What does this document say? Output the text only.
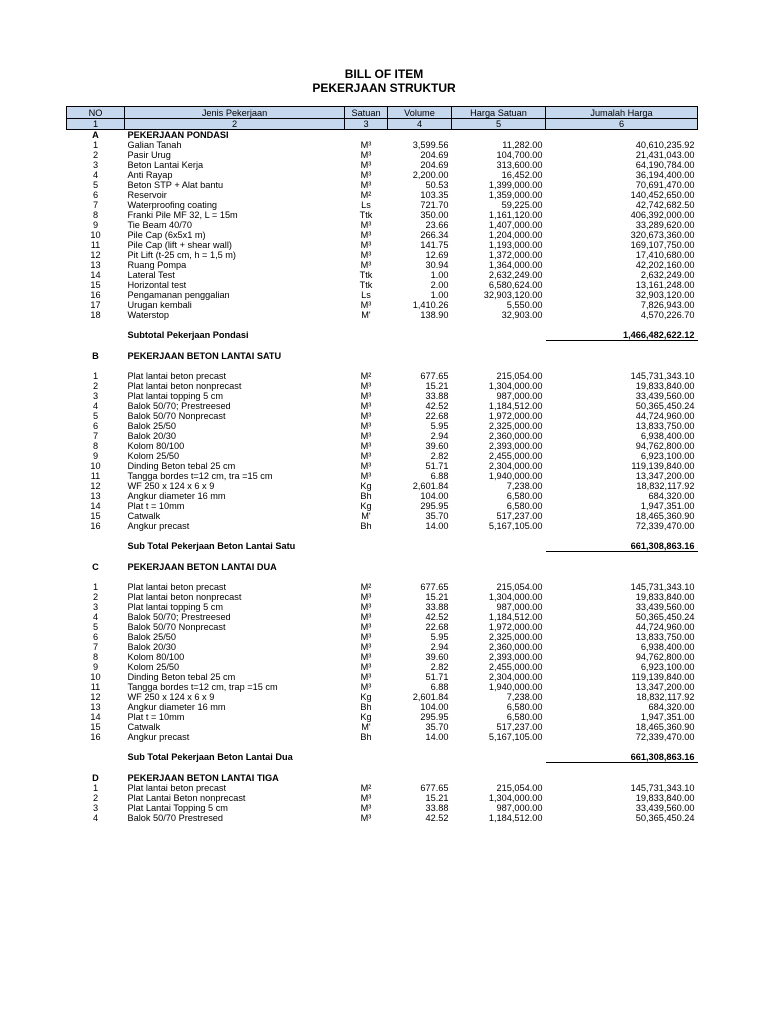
BILL OF ITEM
PEKERJAAN STRUKTUR
NO	Jenis Pekerjaan	Satuan	Volume	Harga Satuan	Jumalah Harga
1	2	3	4	5	6
A	PEKERJAAN PONDASI				
1	Galian Tanah	M³	3,599.56	11,282.00	40,610,235.92
2	Pasir Urug	M³	204.69	104,700.00	21,431,043.00
3	Beton Lantai Kerja	M³	204.69	313,600.00	64,190,784.00
4	Anti Rayap	M³	2,200.00	16,452.00	36,194,400.00
5	Beton STP + Alat bantu	M³	50.53	1,399,000.00	70,691,470.00
6	Reservoir	M²	103.35	1,359,000.00	140,452,650.00
7	Waterproofing coating	Ls	721.70	59,225.00	42,742,682.50
8	Franki Pile MF 32, L = 15m	Ttk	350.00	1,161,120.00	406,392,000.00
9	Tie Beam 40/70	M³	23.66	1,407,000.00	33,289,620.00
10	Pile Cap (6x5x1 m)	M³	266.34	1,204,000.00	320,673,360.00
11	Pile Cap (lift + shear wall)	M³	141.75	1,193,000.00	169,107,750.00
12	Pit Lift (t-25 cm, h = 1,5 m)	M³	12.69	1,372,000.00	17,410,680.00
13	Ruang Pompa	M³	30.94	1,364,000.00	42,202,160.00
14	Lateral Test	Ttk	1.00	2,632,249.00	2,632,249.00
15	Horizontal test	Ttk	2.00	6,580,624.00	13,161,248.00
16	Pengamanan penggalian	Ls	1.00	32,903,120.00	32,903,120.00
17	Urugan kembali	M³	1,410.26	5,550.00	7,826,943.00
18	Waterstop	M'	138.90	32,903.00	4,570,226.70

	Subtotal Pekerjaan Pondasi				1,466,482,622.12

B	PEKERJAAN BETON LANTAI SATU				

1	Plat lantai beton precast	M²	677.65	215,054.00	145,731,343.10
2	Plat lantai beton nonprecast	M³	15.21	1,304,000.00	19,833,840.00
3	Plat lantai topping 5 cm	M³	33.88	987,000.00	33,439,560.00
4	Balok 50/70; Prestreesed	M³	42.52	1,184,512.00	50,365,450.24
5	Balok 50/70 Nonprecast	M³	22.68	1,972,000.00	44,724,960.00
6	Balok 25/50	M³	5.95	2,325,000.00	13,833,750.00
7	Balok 20/30	M³	2.94	2,360,000.00	6,938,400.00
8	Kolom 80/100	M³	39.60	2,393,000.00	94,762,800.00
9	Kolom 25/50	M³	2.82	2,455,000.00	6,923,100.00
10	Dinding Beton tebal 25 cm	M³	51.71	2,304,000.00	119,139,840.00
11	Tangga bordes t=12 cm, tra =15 cm	M³	6.88	1,940,000.00	13,347,200.00
12	WF 250 x 124 x 6 x 9	Kg	2,601.84	7,238.00	18,832,117.92
13	Angkur diameter 16 mm	Bh	104.00	6,580.00	684,320.00
14	Plat t = 10mm	Kg	295.95	6,580.00	1,947,351.00
15	Catwalk	M'	35.70	517,237.00	18,465,360.90
16	Angkur precast	Bh	14.00	5,167,105.00	72,339,470.00

	Sub Total Pekerjaan Beton Lantai Satu				661,308,863.16

C	PEKERJAAN BETON LANTAI DUA				

1	Plat lantai beton precast	M²	677.65	215,054.00	145,731,343.10
2	Plat lantai beton nonprecast	M³	15.21	1,304,000.00	19,833,840.00
3	Plat lantai topping 5 cm	M³	33.88	987,000.00	33,439,560.00
4	Balok 50/70; Prestreesed	M³	42.52	1,184,512.00	50,365,450.24
5	Balok 50/70 Nonprecast	M³	22.68	1,972,000.00	44,724,960.00
6	Balok 25/50	M³	5.95	2,325,000.00	13,833,750.00
7	Balok 20/30	M³	2.94	2,360,000.00	6,938,400.00
8	Kolom 80/100	M³	39.60	2,393,000.00	94,762,800.00
9	Kolom 25/50	M³	2.82	2,455,000.00	6,923,100.00
10	Dinding Beton tebal 25 cm	M³	51.71	2,304,000.00	119,139,840.00
11	Tangga bordes t=12 cm, trap =15 cm	M³	6.88	1,940,000.00	13,347,200.00
12	WF 250 x 124 x 6 x 9	Kg	2,601.84	7,238.00	18,832,117.92
13	Angkur diameter 16 mm	Bh	104.00	6,580.00	684,320.00
14	Plat t = 10mm	Kg	295.95	6,580.00	1,947,351.00
15	Catwalk	M'	35.70	517,237.00	18,465,360.90
16	Angkur precast	Bh	14.00	5,167,105.00	72,339,470.00

	Sub Total Pekerjaan Beton Lantai Dua				661,308,863.16

D	PEKERJAAN BETON LANTAI TIGA				
1	Plat lantai beton precast	M²	677.65	215,054.00	145,731,343.10
2	Plat Lantai Beton nonprecast	M³	15.21	1,304,000.00	19,833,840.00
3	Plat Lantai Topping 5 cm	M³	33.88	987,000.00	33,439,560.00
4	Balok 50/70 Prestresed	M³	42.52	1,184,512.00	50,365,450.24
